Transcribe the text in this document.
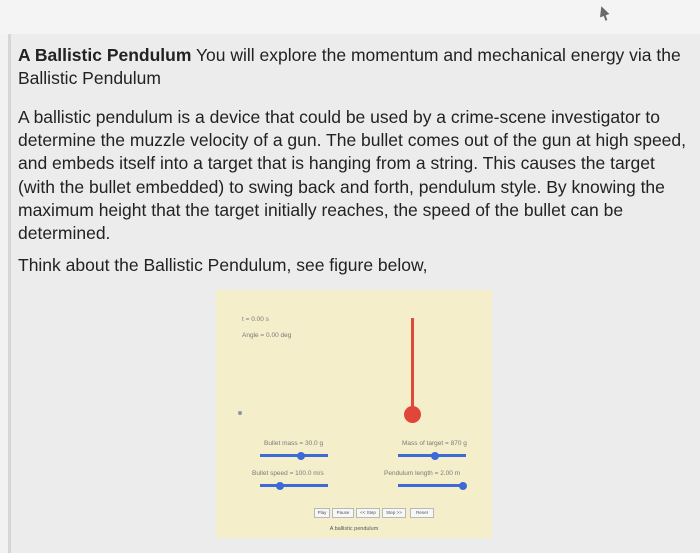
A Ballistic Pendulum You will explore the momentum and mechanical energy via the
Ballistic Pendulum
A ballistic pendulum is a device that could be used by a crime-scene investigator to
determine the muzzle velocity of a gun. The bullet comes out of the gun at high speed,
and embeds itself into a target that is hanging from a string. This causes the target
(with the bullet embedded) to swing back and forth, pendulum style. By knowing the
maximum height that the target initially reaches, the speed of the bullet can be
determined.
Think about the Ballistic Pendulum, see figure below,
t = 0.00 s
Angle = 0.00 deg
Bullet mass = 30.0 g	Mass of target = 870 g
Bullet speed = 100.0 m/s	Pendulum length = 2.00 m
Play	Pause	<< Step	Step >>	Reset
A ballistic pendulum
